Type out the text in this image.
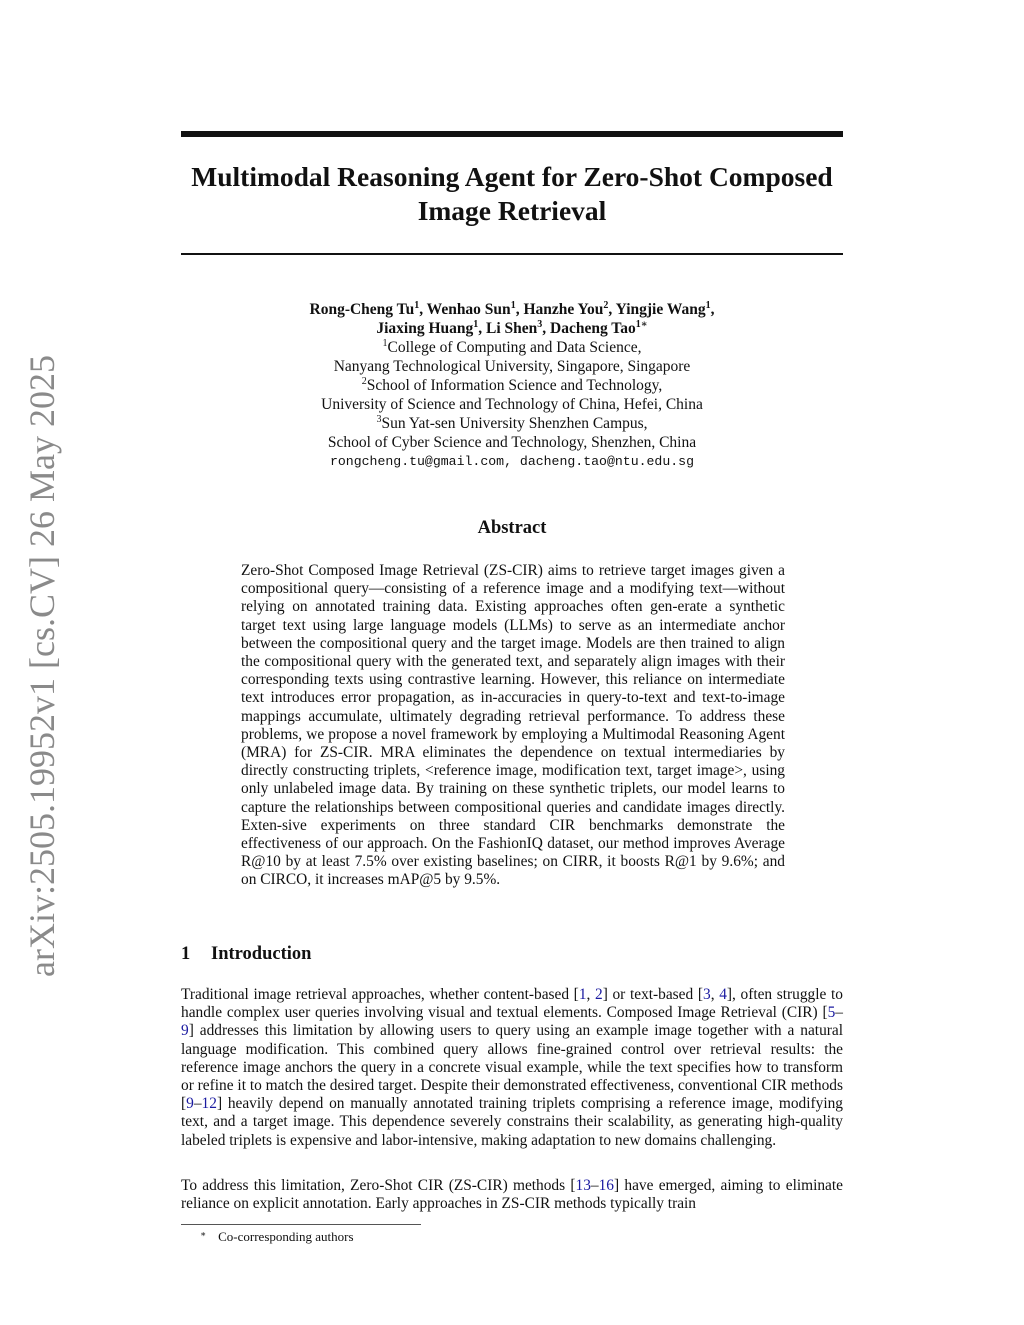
arXiv:2505.19952v1 [cs.CV] 26 May 2025
Multimodal Reasoning Agent for Zero-Shot Composed
Image Retrieval
Rong-Cheng Tu$^1$, Wenhao Sun$^1$, Hanzhe You$^2$, Yingjie Wang$^1$,
Jiaxing Huang$^1$, Li Shen$^3$, Dacheng Tao$^{1∗}$
$^1$College of Computing and Data Science,
Nanyang Technological University, Singapore, Singapore
$^2$School of Information Science and Technology,
University of Science and Technology of China, Hefei, China
$^3$Sun Yat-sen University Shenzhen Campus,
School of Cyber Science and Technology, Shenzhen, China
rongcheng.tu@gmail.com, dacheng.tao@ntu.edu.sg
Abstract
Zero-Shot Composed Image Retrieval (ZS-CIR) aims to retrieve target images given a compositional query—consisting of a reference image and a modifying text—without relying on annotated training data. Existing approaches often gen-erate a synthetic target text using large language models (LLMs) to serve as an intermediate anchor between the compositional query and the target image. Models are then trained to align the compositional query with the generated text, and separately align images with their corresponding texts using contrastive learning. However, this reliance on intermediate text introduces error propagation, as in-accuracies in query-to-text and text-to-image mappings accumulate, ultimately degrading retrieval performance. To address these problems, we propose a novel framework by employing a Multimodal Reasoning Agent (MRA) for ZS-CIR. MRA eliminates the dependence on textual intermediaries by directly constructing triplets, <reference image, modification text, target image>, using only unlabeled image data. By training on these synthetic triplets, our model learns to capture the relationships between compositional queries and candidate images directly. Exten-sive experiments on three standard CIR benchmarks demonstrate the effectiveness of our approach. On the FashionIQ dataset, our method improves Average R@10 by at least 7.5% over existing baselines; on CIRR, it boosts R@1 by 9.6%; and on CIRCO, it increases mAP@5 by 9.5%.
1 Introduction
Traditional image retrieval approaches, whether content-based [1, 2] or text-based [3, 4], often struggle to handle complex user queries involving visual and textual elements. Composed Image Retrieval (CIR) [5–9] addresses this limitation by allowing users to query using an example image together with a natural language modification. This combined query allows fine-grained control over retrieval results: the reference image anchors the query in a concrete visual example, while the text specifies how to transform or refine it to match the desired target. Despite their demonstrated effectiveness, conventional CIR methods [9–12] heavily depend on manually annotated training triplets comprising a reference image, modifying text, and a target image. This dependence severely constrains their scalability, as generating high-quality labeled triplets is expensive and labor-intensive, making adaptation to new domains challenging.
To address this limitation, Zero-Shot CIR (ZS-CIR) methods [13–16] have emerged, aiming to eliminate reliance on explicit annotation. Early approaches in ZS-CIR methods typically train
∗ Co-corresponding authors
